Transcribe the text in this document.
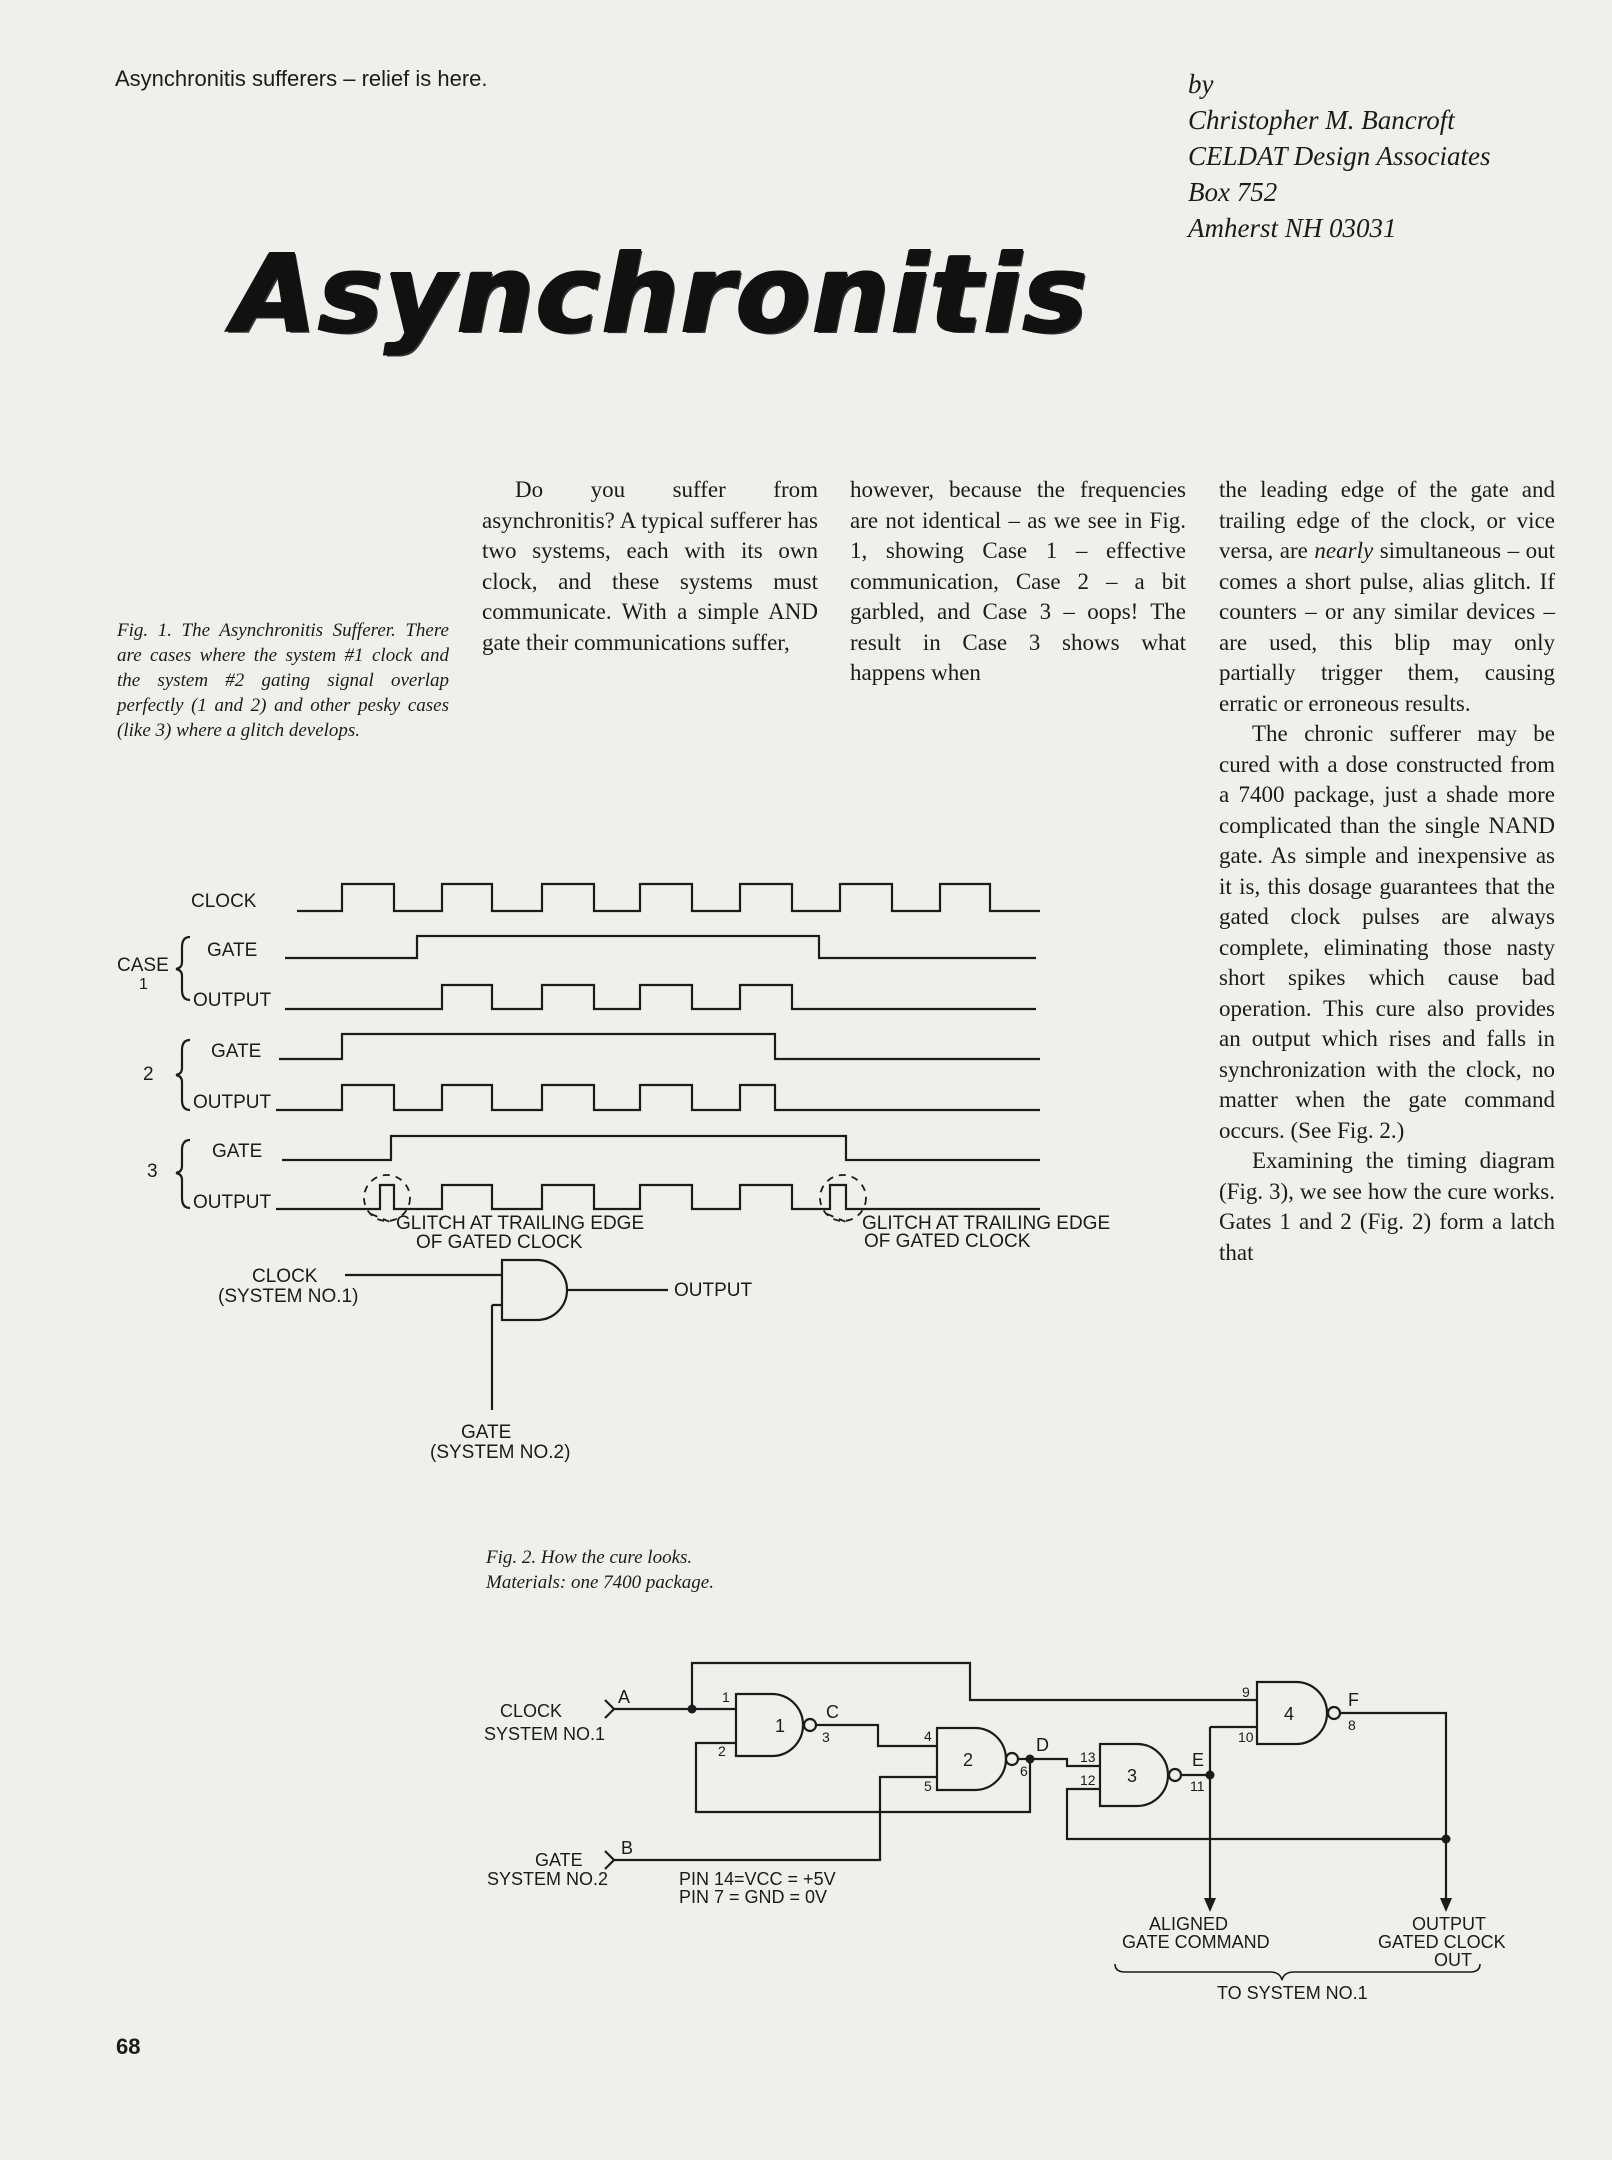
Asynchronitis sufferers – relief is here.	by
Christopher M. Bancroft
CELDAT Design Associates
Box 752
Amherst NH 03031
Asynchronitis
Fig. 1. The Asynchronitis Sufferer. There are cases where the system #1 clock and the system #2 gating signal overlap perfectly (1 and 2) and other pesky cases (like 3) where a glitch develops.
Fig. 2. How the cure looks.
Materials: one 7400 package.

Do you suffer from asynchronitis? A typical sufferer has two systems, each with its own clock, and these systems must communicate. With a simple AND gate their communications suffer,

however, because the frequencies are not identical – as we see in Fig. 1, showing Case 1 – effective communication, Case 2 – a bit garbled, and Case 3 – oops! The result in Case 3 shows what happens when

the leading edge of the gate and trailing edge of the clock, or vice versa, are nearly simultaneous – out comes a short pulse, alias glitch. If counters – or any similar devices – are used, this blip may only partially trigger them, causing erratic or erroneous results.

The chronic sufferer may be cured with a dose constructed from a 7400 package, just a shade more complicated than the single NAND gate. As simple and inexpensive as it is, this dosage guarantees that the gated clock pulses are always complete, eliminating those nasty short spikes which cause bad operation. This cure also provides an output which rises and falls in synchronization with the clock, no matter when the gate command occurs. (See Fig. 2.)

Examining the timing diagram (Fig. 3), we see how the cure works. Gates 1 and 2 (Fig. 2) form a latch that

CLOCK
CASE
1
GATE
OUTPUT
2
GATE
OUTPUT
3
GATE
OUTPUT
GLITCH AT TRAILING EDGE
OF GATED CLOCK
GLITCH AT TRAILING EDGE
OF GATED CLOCK
CLOCK
(SYSTEM NO.1)	OUTPUT
GATE
(SYSTEM NO.2)
CLOCK
SYSTEM NO.1
GATE
SYSTEM NO.2	PIN 14=VCC = +5V
PIN 7 = GND = 0V
ALIGNED
GATE COMMAND
OUTPUT
GATED CLOCK
OUT
TO SYSTEM NO.1
A
B
C
D
E
F
1
2
3
4
1
2
3	4
5
6
8
9
10
11
12
13
68
